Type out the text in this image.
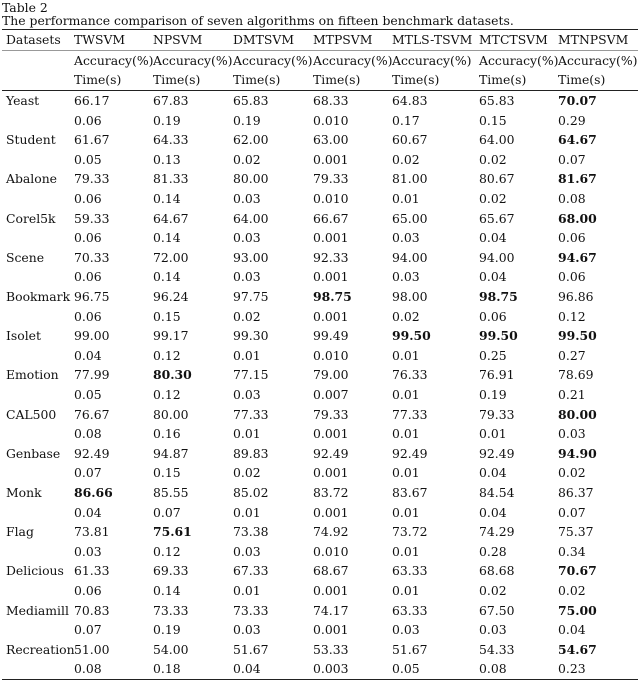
Table 2
The performance comparison of seven algorithms on fifteen benchmark datasets.
Datasets	TWSVM	NPSVM	DMTSVM	MTPSVM	MTLS-TSVM	MTCTSVM	MTNPSVM
	Accuracy(%)	Accuracy(%)	Accuracy(%)	Accuracy(%)	Accuracy(%)	Accuracy(%)	Accuracy(%)
	Time(s)	Time(s)	Time(s)	Time(s)	Time(s)	Time(s)	Time(s)
Yeast	66.17	67.83	65.83	68.33	64.83	65.83	70.07
	0.06	0.19	0.19	0.010	0.17	0.15	0.29
Student	61.67	64.33	62.00	63.00	60.67	64.00	64.67
	0.05	0.13	0.02	0.001	0.02	0.02	0.07
Abalone	79.33	81.33	80.00	79.33	81.00	80.67	81.67
	0.06	0.14	0.03	0.010	0.01	0.02	0.08
Corel5k	59.33	64.67	64.00	66.67	65.00	65.67	68.00
	0.06	0.14	0.03	0.001	0.03	0.04	0.06
Scene	70.33	72.00	93.00	92.33	94.00	94.00	94.67
	0.06	0.14	0.03	0.001	0.03	0.04	0.06
Bookmark	96.75	96.24	97.75	98.75	98.00	98.75	96.86
	0.06	0.15	0.02	0.001	0.02	0.06	0.12
Isolet	99.00	99.17	99.30	99.49	99.50	99.50	99.50
	0.04	0.12	0.01	0.010	0.01	0.25	0.27
Emotion	77.99	80.30	77.15	79.00	76.33	76.91	78.69
	0.05	0.12	0.03	0.007	0.01	0.19	0.21
CAL500	76.67	80.00	77.33	79.33	77.33	79.33	80.00
	0.08	0.16	0.01	0.001	0.01	0.01	0.03
Genbase	92.49	94.87	89.83	92.49	92.49	92.49	94.90
	0.07	0.15	0.02	0.001	0.01	0.04	0.02
Monk	86.66	85.55	85.02	83.72	83.67	84.54	86.37
	0.04	0.07	0.01	0.001	0.01	0.04	0.07
Flag	73.81	75.61	73.38	74.92	73.72	74.29	75.37
	0.03	0.12	0.03	0.010	0.01	0.28	0.34
Delicious	61.33	69.33	67.33	68.67	63.33	68.68	70.67
	0.06	0.14	0.01	0.001	0.01	0.02	0.02
Mediamill	70.83	73.33	73.33	74.17	63.33	67.50	75.00
	0.07	0.19	0.03	0.001	0.03	0.03	0.04
Recreation	51.00	54.00	51.67	53.33	51.67	54.33	54.67
	0.08	0.18	0.04	0.003	0.05	0.08	0.23
